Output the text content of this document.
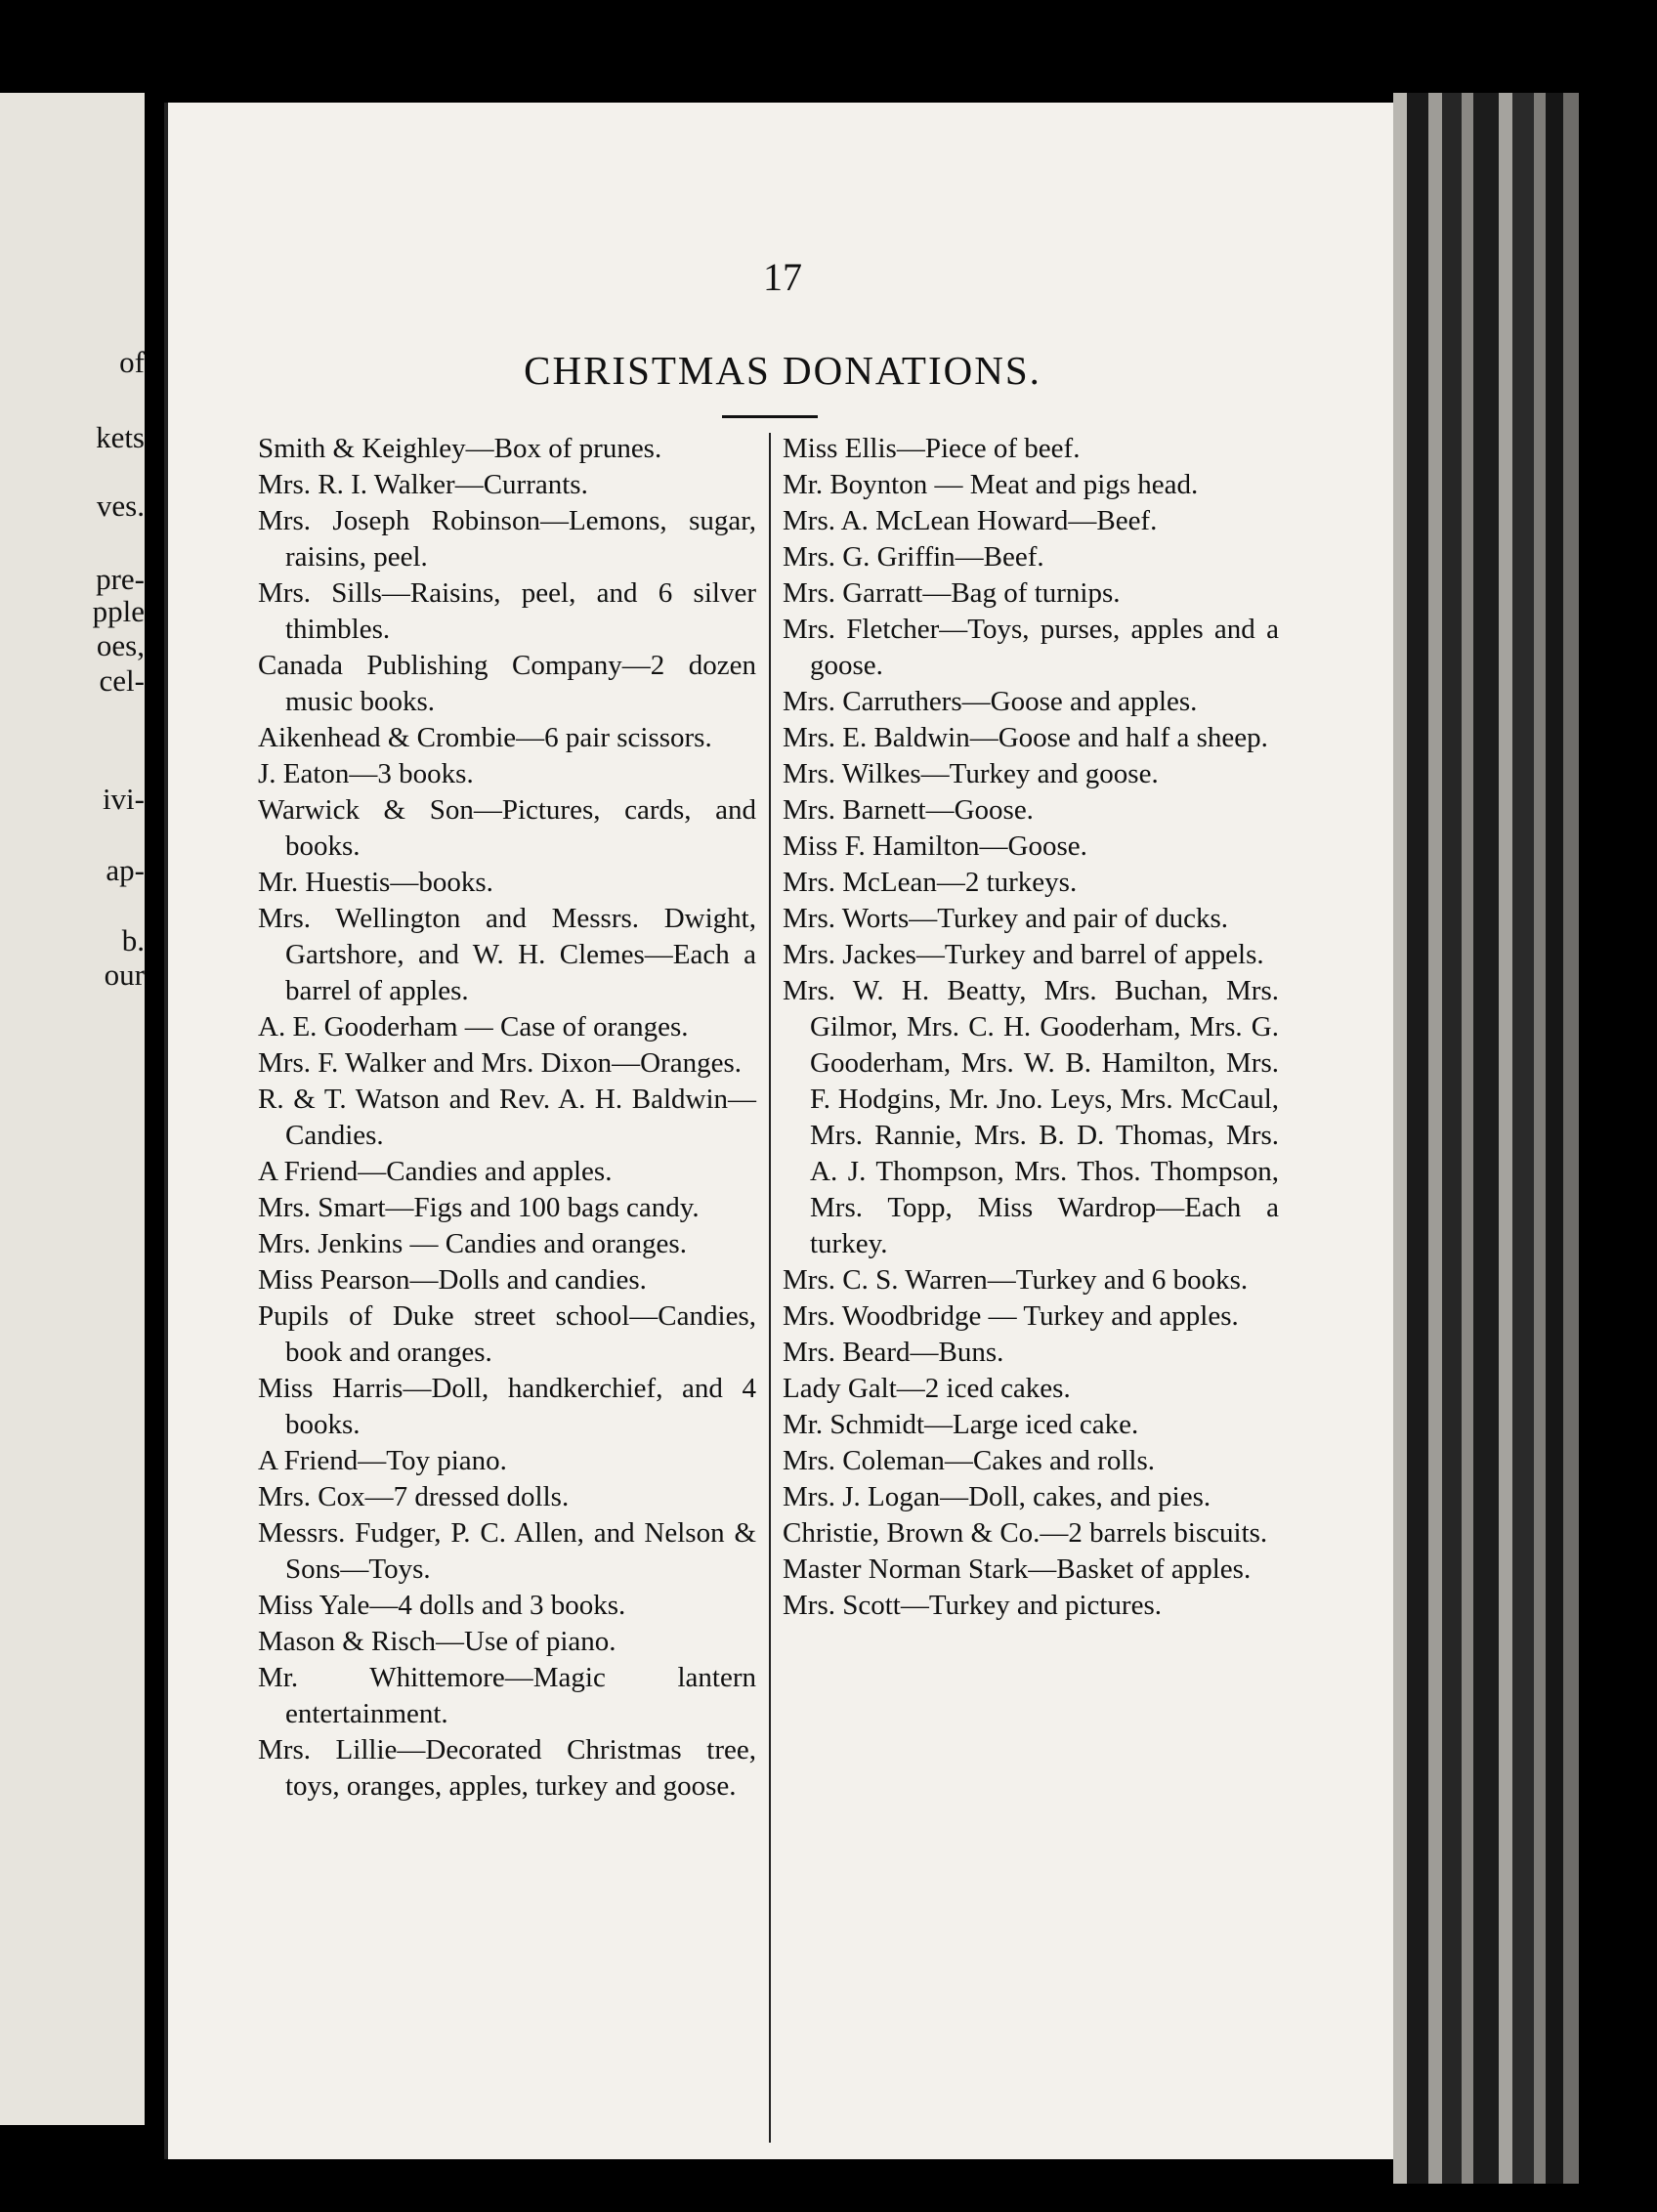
of
kets
ves.
pre-
pple
oes,
cel-
ivi-
ap-
b.
our
17
CHRISTMAS DONATIONS.
Smith & Keighley—Box of prunes.
Mrs. R. I. Walker—Currants.
Mrs. Joseph Robinson—Lemons, sugar, raisins, peel.
Mrs. Sills—Raisins, peel, and 6 silver thimbles.
Canada Publishing Company—2 dozen music books.
Aikenhead & Crombie—6 pair scissors.
J. Eaton—3 books.
Warwick & Son—Pictures, cards, and books.
Mr. Huestis—books.
Mrs. Wellington and Messrs. Dwight, Gartshore, and W. H. Clemes—Each a barrel of apples.
A. E. Gooderham — Case of oranges.
Mrs. F. Walker and Mrs. Dixon—Oranges.
R. & T. Watson and Rev. A. H. Baldwin—Candies.
A Friend—Candies and apples.
Mrs. Smart—Figs and 100 bags candy.
Mrs. Jenkins — Candies and oranges.
Miss Pearson—Dolls and candies.
Pupils of Duke street school—Candies, book and oranges.
Miss Harris—Doll, handkerchief, and 4 books.
A Friend—Toy piano.
Mrs. Cox—7 dressed dolls.
Messrs. Fudger, P. C. Allen, and Nelson & Sons—Toys.
Miss Yale—4 dolls and 3 books.
Mason & Risch—Use of piano.
Mr. Whittemore—Magic lantern entertainment.
Mrs. Lillie—Decorated Christmas tree, toys, oranges, apples, turkey and goose.
Miss Ellis—Piece of beef.
Mr. Boynton — Meat and pigs head.
Mrs. A. McLean Howard—Beef.
Mrs. G. Griffin—Beef.
Mrs. Garratt—Bag of turnips.
Mrs. Fletcher—Toys, purses, apples and a goose.
Mrs. Carruthers—Goose and apples.
Mrs. E. Baldwin—Goose and half a sheep.
Mrs. Wilkes—Turkey and goose.
Mrs. Barnett—Goose.
Miss F. Hamilton—Goose.
Mrs. McLean—2 turkeys.
Mrs. Worts—Turkey and pair of ducks.
Mrs. Jackes—Turkey and barrel of appels.
Mrs. W. H. Beatty, Mrs. Buchan, Mrs. Gilmor, Mrs. C. H. Gooderham, Mrs. G. Gooderham, Mrs. W. B. Hamilton, Mrs. F. Hodgins, Mr. Jno. Leys, Mrs. McCaul, Mrs. Rannie, Mrs. B. D. Thomas, Mrs. A. J. Thompson, Mrs. Thos. Thompson, Mrs. Topp, Miss Wardrop—Each a turkey.
Mrs. C. S. Warren—Turkey and 6 books.
Mrs. Woodbridge — Turkey and apples.
Mrs. Beard—Buns.
Lady Galt—2 iced cakes.
Mr. Schmidt—Large iced cake.
Mrs. Coleman—Cakes and rolls.
Mrs. J. Logan—Doll, cakes, and pies.
Christie, Brown & Co.—2 barrels biscuits.
Master Norman Stark—Basket of apples.
Mrs. Scott—Turkey and pictures.
